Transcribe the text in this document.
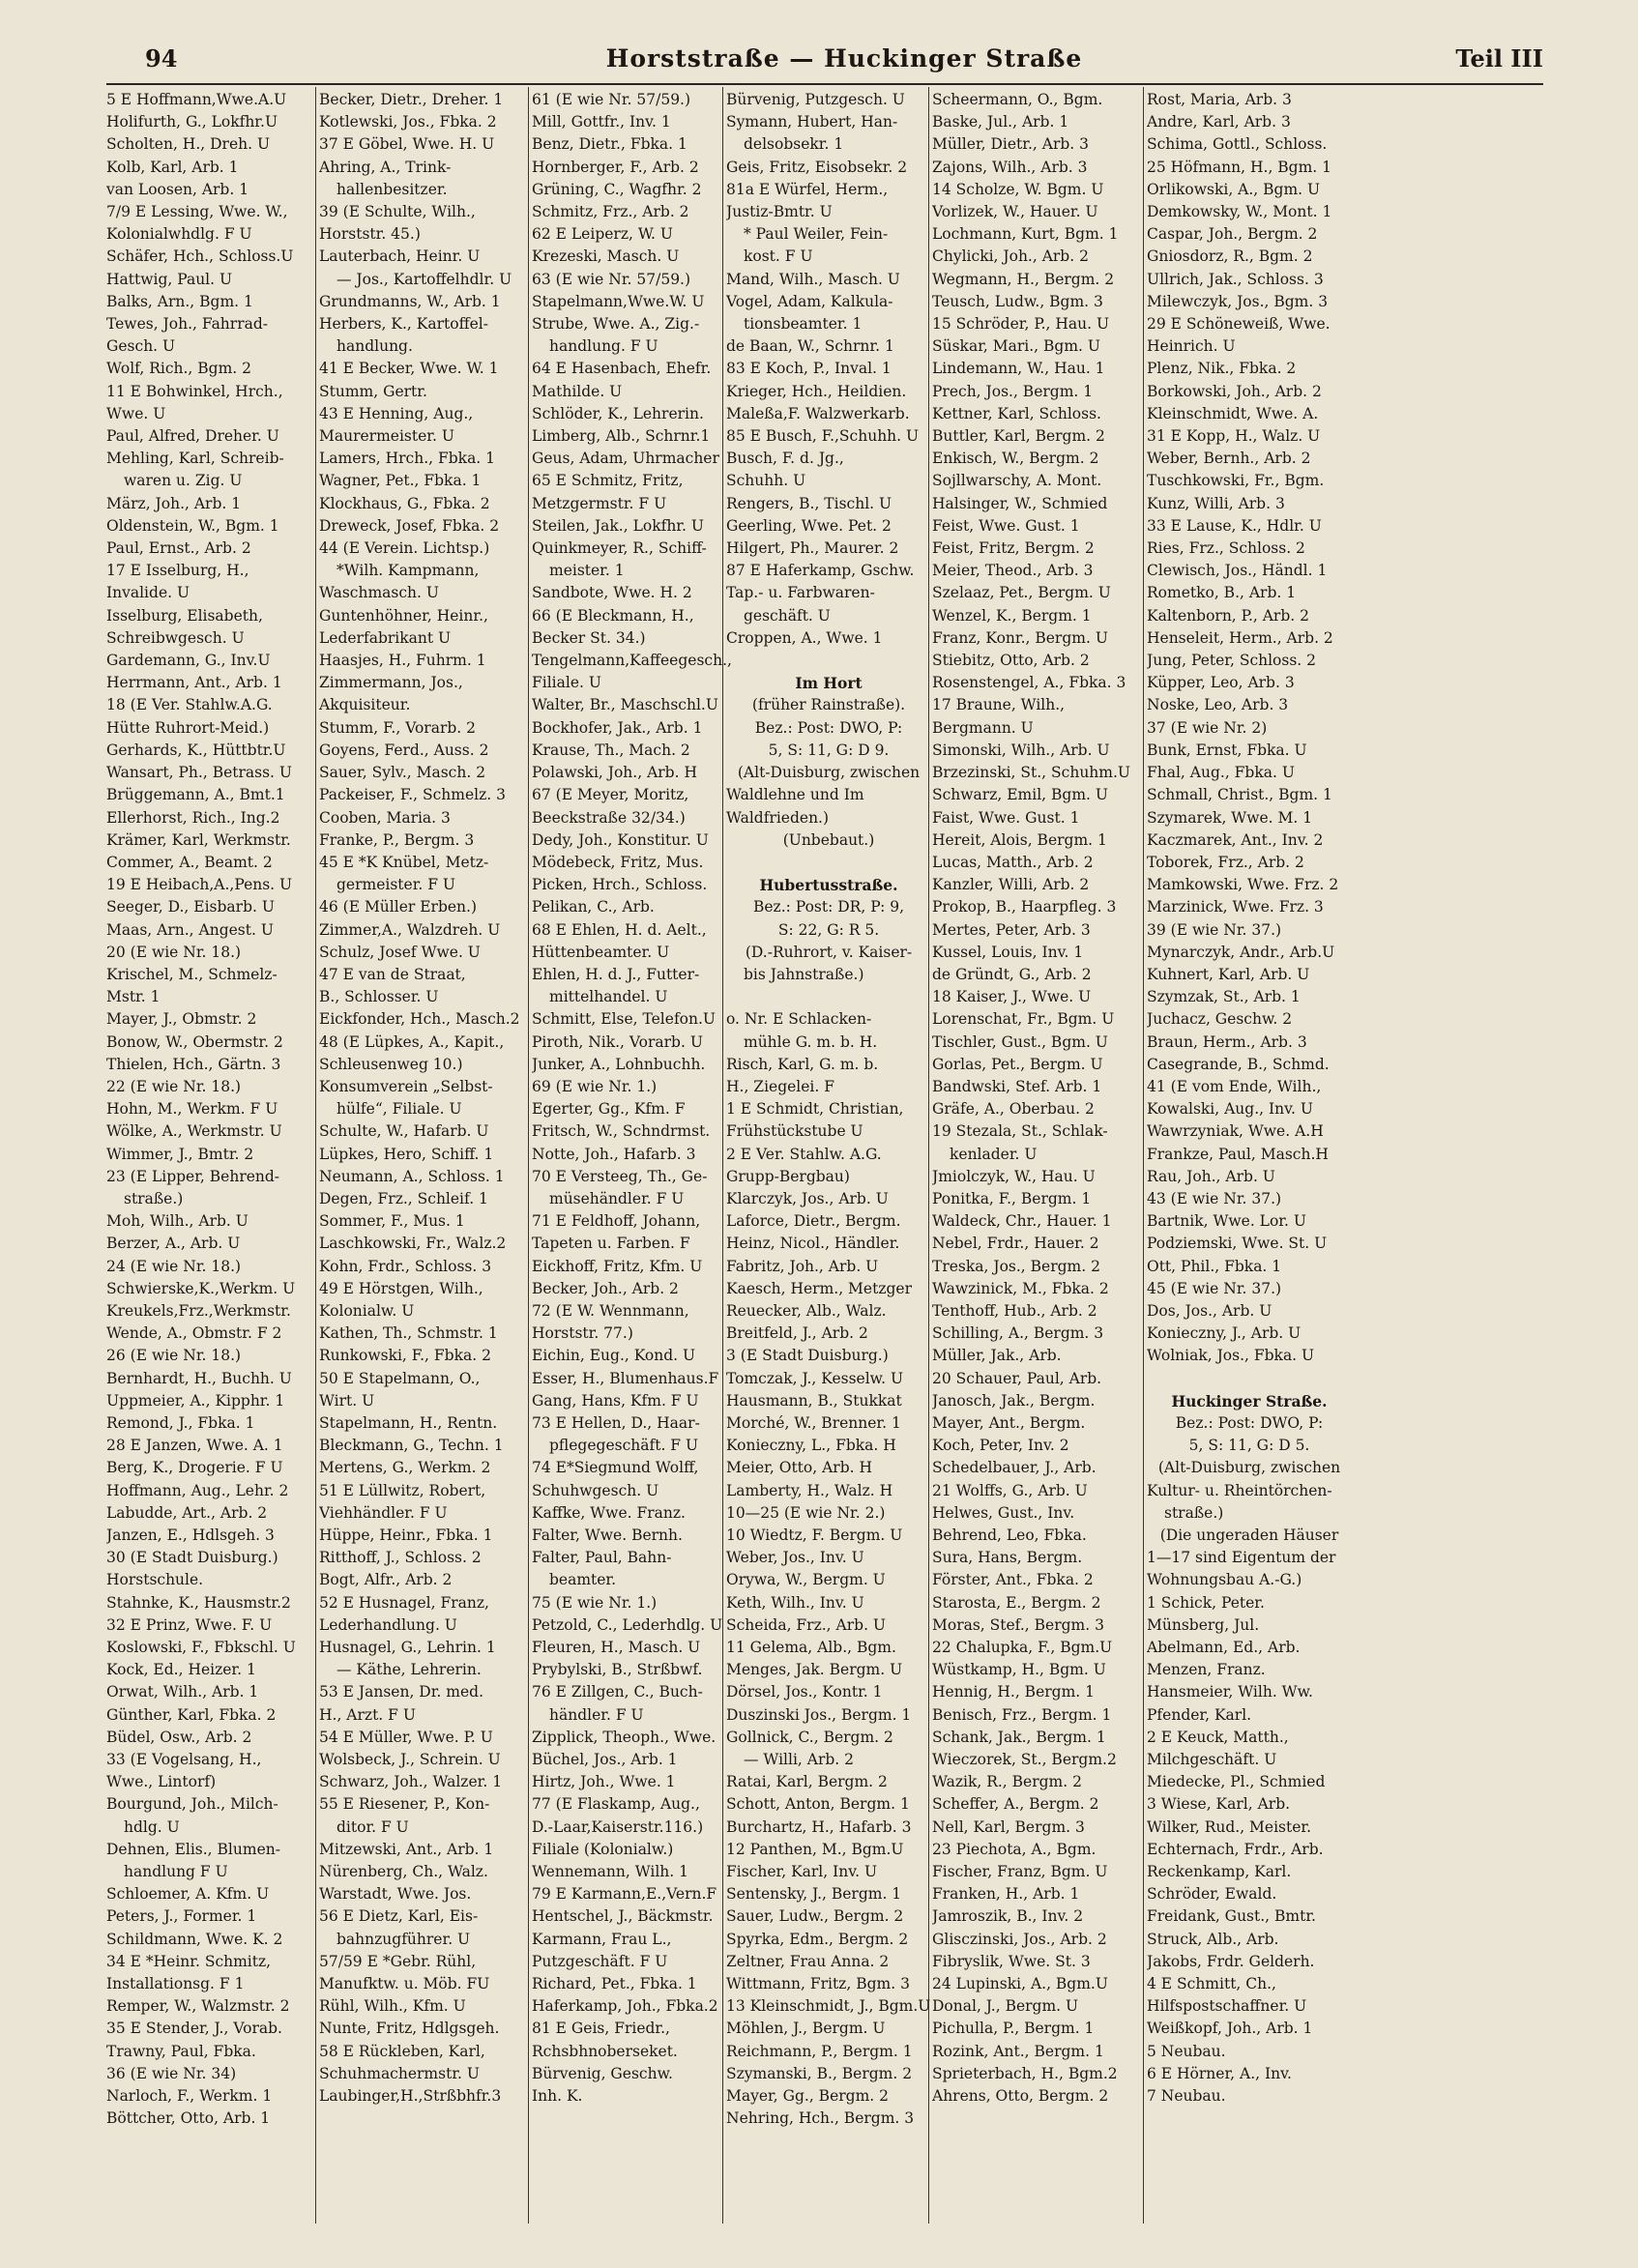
94	Horststraße — Huckinger Straße	Teil III
5 E Hoffmann,Wwe.A.U
Holifurth, G., Lokfhr.U
Scholten, H., Dreh. U
Kolb, Karl, Arb. 1
van Loosen, Arb. 1
7/9 E Lessing, Wwe. W.,
Kolonialwhdlg. F U
Schäfer, Hch., Schloss.U
Hattwig, Paul. U
Balks, Arn., Bgm. 1
Tewes, Joh., Fahrrad-
Gesch. U
Wolf, Rich., Bgm. 2
11 E Bohwinkel, Hrch.,
Wwe. U
Paul, Alfred, Dreher. U
Mehling, Karl, Schreib-
waren u. Zig. U
März, Joh., Arb. 1
Oldenstein, W., Bgm. 1
Paul, Ernst., Arb. 2
17 E Isselburg, H.,
Invalide. U
Isselburg, Elisabeth,
Schreibwgesch. U
Gardemann, G., Inv.U
Herrmann, Ant., Arb. 1
18 (E Ver. Stahlw.A.G.
Hütte Ruhrort-Meid.)
Gerhards, K., Hüttbtr.U
Wansart, Ph., Betrass. U
Brüggemann, A., Bmt.1
Ellerhorst, Rich., Ing.2
Krämer, Karl, Werkmstr.
Commer, A., Beamt. 2
19 E Heibach,A.,Pens. U
Seeger, D., Eisbarb. U
Maas, Arn., Angest. U
20 (E wie Nr. 18.)
Krischel, M., Schmelz-
Mstr. 1
Mayer, J., Obmstr. 2
Bonow, W., Obermstr. 2
Thielen, Hch., Gärtn. 3
22 (E wie Nr. 18.)
Hohn, M., Werkm. F U
Wölke, A., Werkmstr. U
Wimmer, J., Bmtr. 2
23 (E Lipper, Behrend-
straße.)
Moh, Wilh., Arb. U
Berzer, A., Arb. U
24 (E wie Nr. 18.)
Schwierske,K.,Werkm. U
Kreukels,Frz.,Werkmstr.
Wende, A., Obmstr. F 2
26 (E wie Nr. 18.)
Bernhardt, H., Buchh. U
Uppmeier, A., Kipphr. 1
Remond, J., Fbka. 1
28 E Janzen, Wwe. A. 1
Berg, K., Drogerie. F U
Hoffmann, Aug., Lehr. 2
Labudde, Art., Arb. 2
Janzen, E., Hdlsgeh. 3
30 (E Stadt Duisburg.)
Horstschule.
Stahnke, K., Hausmstr.2
32 E Prinz, Wwe. F. U
Koslowski, F., Fbkschl. U
Kock, Ed., Heizer. 1
Orwat, Wilh., Arb. 1
Günther, Karl, Fbka. 2
Büdel, Osw., Arb. 2
33 (E Vogelsang, H.,
Wwe., Lintorf)
Bourgund, Joh., Milch-
hdlg. U
Dehnen, Elis., Blumen-
handlung F U
Schloemer, A. Kfm. U
Peters, J., Former. 1
Schildmann, Wwe. K. 2
34 E *Heinr. Schmitz,
Installationsg. F 1
Remper, W., Walzmstr. 2
35 E Stender, J., Vorab.
Trawny, Paul, Fbka.
36 (E wie Nr. 34)
Narloch, F., Werkm. 1
Böttcher, Otto, Arb. 1
Becker, Dietr., Dreher. 1
Kotlewski, Jos., Fbka. 2
37 E Göbel, Wwe. H. U
Ahring, A., Trink-
hallenbesitzer.
39 (E Schulte, Wilh.,
Horststr. 45.)
Lauterbach, Heinr. U
— Jos., Kartoffelhdlr. U
Grundmanns, W., Arb. 1
Herbers, K., Kartoffel-
handlung.
41 E Becker, Wwe. W. 1
Stumm, Gertr.
43 E Henning, Aug.,
Maurermeister. U
Lamers, Hrch., Fbka. 1
Wagner, Pet., Fbka. 1
Klockhaus, G., Fbka. 2
Dreweck, Josef, Fbka. 2
44 (E Verein. Lichtsp.)
*Wilh. Kampmann,
Waschmasch. U
Guntenhöhner, Heinr.,
Lederfabrikant U
Haasjes, H., Fuhrm. 1
Zimmermann, Jos.,
Akquisiteur.
Stumm, F., Vorarb. 2
Goyens, Ferd., Auss. 2
Sauer, Sylv., Masch. 2
Packeiser, F., Schmelz. 3
Cooben, Maria. 3
Franke, P., Bergm. 3
45 E *K Knübel, Metz-
germeister. F U
46 (E Müller Erben.)
Zimmer,A., Walzdreh. U
Schulz, Josef Wwe. U
47 E van de Straat,
B., Schlosser. U
Eickfonder, Hch., Masch.2
48 (E Lüpkes, A., Kapit.,
Schleusenweg 10.)
Konsumverein „Selbst-
hülfe“, Filiale. U
Schulte, W., Hafarb. U
Lüpkes, Hero, Schiff. 1
Neumann, A., Schloss. 1
Degen, Frz., Schleif. 1
Sommer, F., Mus. 1
Laschkowski, Fr., Walz.2
Kohn, Frdr., Schloss. 3
49 E Hörstgen, Wilh.,
Kolonialw. U
Kathen, Th., Schmstr. 1
Runkowski, F., Fbka. 2
50 E Stapelmann, O.,
Wirt. U
Stapelmann, H., Rentn.
Bleckmann, G., Techn. 1
Mertens, G., Werkm. 2
51 E Lüllwitz, Robert,
Viehhändler. F U
Hüppe, Heinr., Fbka. 1
Ritthoff, J., Schloss. 2
Bogt, Alfr., Arb. 2
52 E Husnagel, Franz,
Lederhandlung. U
Husnagel, G., Lehrin. 1
— Käthe, Lehrerin.
53 E Jansen, Dr. med.
H., Arzt. F U
54 E Müller, Wwe. P. U
Wolsbeck, J., Schrein. U
Schwarz, Joh., Walzer. 1
55 E Riesener, P., Kon-
ditor. F U
Mitzewski, Ant., Arb. 1
Nürenberg, Ch., Walz.
Warstadt, Wwe. Jos.
56 E Dietz, Karl, Eis-
bahnzugführer. U
57/59 E *Gebr. Rühl,
Manufktw. u. Möb. FU
Rühl, Wilh., Kfm. U
Nunte, Fritz, Hdlgsgeh.
58 E Rückleben, Karl,
Schuhmachermstr. U
Laubinger,H.,Strßbhfr.3
61 (E wie Nr. 57/59.)
Mill, Gottfr., Inv. 1
Benz, Dietr., Fbka. 1
Hornberger, F., Arb. 2
Grüning, C., Wagfhr. 2
Schmitz, Frz., Arb. 2
62 E Leiperz, W. U
Krezeski, Masch. U
63 (E wie Nr. 57/59.)
Stapelmann,Wwe.W. U
Strube, Wwe. A., Zig.-
handlung. F U
64 E Hasenbach, Ehefr.
Mathilde. U
Schlöder, K., Lehrerin.
Limberg, Alb., Schrnr.1
Geus, Adam, Uhrmacher
65 E Schmitz, Fritz,
Metzgermstr. F U
Steilen, Jak., Lokfhr. U
Quinkmeyer, R., Schiff-
meister. 1
Sandbote, Wwe. H. 2
66 (E Bleckmann, H.,
Becker St. 34.)
Tengelmann,Kaffeegesch.,
Filiale. U
Walter, Br., Maschschl.U
Bockhofer, Jak., Arb. 1
Krause, Th., Mach. 2
Polawski, Joh., Arb. H
67 (E Meyer, Moritz,
Beeckstraße 32/34.)
Dedy, Joh., Konstitur. U
Mödebeck, Fritz, Mus.
Picken, Hrch., Schloss.
Pelikan, C., Arb.
68 E Ehlen, H. d. Aelt.,
Hüttenbeamter. U
Ehlen, H. d. J., Futter-
mittelhandel. U
Schmitt, Else, Telefon.U
Piroth, Nik., Vorarb. U
Junker, A., Lohnbuchh.
69 (E wie Nr. 1.)
Egerter, Gg., Kfm. F
Fritsch, W., Schndrmst.
Notte, Joh., Hafarb. 3
70 E Versteeg, Th., Ge-
müsehändler. F U
71 E Feldhoff, Johann,
Tapeten u. Farben. F
Eickhoff, Fritz, Kfm. U
Becker, Joh., Arb. 2
72 (E W. Wennmann,
Horststr. 77.)
Eichin, Eug., Kond. U
Esser, H., Blumenhaus.F
Gang, Hans, Kfm. F U
73 E Hellen, D., Haar-
pflegegeschäft. F U
74 E*Siegmund Wolff,
Schuhwgesch. U
Kaffke, Wwe. Franz.
Falter, Wwe. Bernh.
Falter, Paul, Bahn-
beamter.
75 (E wie Nr. 1.)
Petzold, C., Lederhdlg. U
Fleuren, H., Masch. U
Prybylski, B., Strßbwf.
76 E Zillgen, C., Buch-
händler. F U
Zipplick, Theoph., Wwe.
Büchel, Jos., Arb. 1
Hirtz, Joh., Wwe. 1
77 (E Flaskamp, Aug.,
D.-Laar,Kaiserstr.116.)
Filiale (Kolonialw.)
Wennemann, Wilh. 1
79 E Karmann,E.,Vern.F
Hentschel, J., Bäckmstr.
Karmann, Frau L.,
Putzgeschäft. F U
Richard, Pet., Fbka. 1
Haferkamp, Joh., Fbka.2
81 E Geis, Friedr.,
Rchsbhnoberseket.
Bürvenig, Geschw.
Inh. K.
Bürvenig, Putzgesch. U
Symann, Hubert, Han-
delsobsekr. 1
Geis, Fritz, Eisobsekr. 2
81a E Würfel, Herm.,
Justiz-Bmtr. U
* Paul Weiler, Fein-
kost. F U
Mand, Wilh., Masch. U
Vogel, Adam, Kalkula-
tionsbeamter. 1
de Baan, W., Schrnr. 1
83 E Koch, P., Inval. 1
Krieger, Hch., Heildien.
Maleßa,F. Walzwerkarb.
85 E Busch, F.,Schuhh. U
Busch, F. d. Jg.,
Schuhh. U
Rengers, B., Tischl. U
Geerling, Wwe. Pet. 2
Hilgert, Ph., Maurer. 2
87 E Haferkamp, Gschw.
Tap.- u. Farbwaren-
geschäft. U
Croppen, A., Wwe. 1

Im Hort
(früher Rainstraße).
Bez.: Post: DWO, P:
5, S: 11, G: D 9.
(Alt-Duisburg, zwischen
Waldlehne und Im
Waldfrieden.)
(Unbebaut.)

Hubertusstraße.
Bez.: Post: DR, P: 9,
S: 22, G: R 5.
(D.-Ruhrort, v. Kaiser-
bis Jahnstraße.)

o. Nr. E Schlacken-
mühle G. m. b. H.
Risch, Karl, G. m. b.
H., Ziegelei. F
1 E Schmidt, Christian,
Frühstückstube U
2 E Ver. Stahlw. A.G.
Grupp-Bergbau)
Klarczyk, Jos., Arb. U
Laforce, Dietr., Bergm.
Heinz, Nicol., Händler.
Fabritz, Joh., Arb. U
Kaesch, Herm., Metzger
Reuecker, Alb., Walz.
Breitfeld, J., Arb. 2
3 (E Stadt Duisburg.)
Tomczak, J., Kesselw. U
Hausmann, B., Stukkat
Morché, W., Brenner. 1
Konieczny, L., Fbka. H
Meier, Otto, Arb. H
Lamberty, H., Walz. H
10—25 (E wie Nr. 2.)
10 Wiedtz, F. Bergm. U
Weber, Jos., Inv. U
Orywa, W., Bergm. U
Keth, Wilh., Inv. U
Scheida, Frz., Arb. U
11 Gelema, Alb., Bgm.
Menges, Jak. Bergm. U
Dörsel, Jos., Kontr. 1
Duszinski Jos., Bergm. 1
Gollnick, C., Bergm. 2
— Willi, Arb. 2
Ratai, Karl, Bergm. 2
Schott, Anton, Bergm. 1
Burchartz, H., Hafarb. 3
12 Panthen, M., Bgm.U
Fischer, Karl, Inv. U
Sentensky, J., Bergm. 1
Sauer, Ludw., Bergm. 2
Spyrka, Edm., Bergm. 2
Zeltner, Frau Anna. 2
Wittmann, Fritz, Bgm. 3
13 Kleinschmidt, J., Bgm.U
Möhlen, J., Bergm. U
Reichmann, P., Bergm. 1
Szymanski, B., Bergm. 2
Mayer, Gg., Bergm. 2
Nehring, Hch., Bergm. 3
Scheermann, O., Bgm.
Baske, Jul., Arb. 1
Müller, Dietr., Arb. 3
Zajons, Wilh., Arb. 3
14 Scholze, W. Bgm. U
Vorlizek, W., Hauer. U
Lochmann, Kurt, Bgm. 1
Chylicki, Joh., Arb. 2
Wegmann, H., Bergm. 2
Teusch, Ludw., Bgm. 3
15 Schröder, P., Hau. U
Süskar, Mari., Bgm. U
Lindemann, W., Hau. 1
Prech, Jos., Bergm. 1
Kettner, Karl, Schloss.
Buttler, Karl, Bergm. 2
Enkisch, W., Bergm. 2
Sojllwarschy, A. Mont.
Halsinger, W., Schmied
Feist, Wwe. Gust. 1
Feist, Fritz, Bergm. 2
Meier, Theod., Arb. 3
Szelaaz, Pet., Bergm. U
Wenzel, K., Bergm. 1
Franz, Konr., Bergm. U
Stiebitz, Otto, Arb. 2
Rosenstengel, A., Fbka. 3
17 Braune, Wilh.,
Bergmann. U
Simonski, Wilh., Arb. U
Brzezinski, St., Schuhm.U
Schwarz, Emil, Bgm. U
Faist, Wwe. Gust. 1
Hereit, Alois, Bergm. 1
Lucas, Matth., Arb. 2
Kanzler, Willi, Arb. 2
Prokop, B., Haarpfleg. 3
Mertes, Peter, Arb. 3
Kussel, Louis, Inv. 1
de Gründt, G., Arb. 2
18 Kaiser, J., Wwe. U
Lorenschat, Fr., Bgm. U
Tischler, Gust., Bgm. U
Gorlas, Pet., Bergm. U
Bandwski, Stef. Arb. 1
Gräfe, A., Oberbau. 2
19 Stezala, St., Schlak-
kenlader. U
Jmiolczyk, W., Hau. U
Ponitka, F., Bergm. 1
Waldeck, Chr., Hauer. 1
Nebel, Frdr., Hauer. 2
Treska, Jos., Bergm. 2
Wawzinick, M., Fbka. 2
Tenthoff, Hub., Arb. 2
Schilling, A., Bergm. 3
Müller, Jak., Arb.
20 Schauer, Paul, Arb.
Janosch, Jak., Bergm.
Mayer, Ant., Bergm.
Koch, Peter, Inv. 2
Schedelbauer, J., Arb.
21 Wolffs, G., Arb. U
Helwes, Gust., Inv.
Behrend, Leo, Fbka.
Sura, Hans, Bergm.
Förster, Ant., Fbka. 2
Starosta, E., Bergm. 2
Moras, Stef., Bergm. 3
22 Chalupka, F., Bgm.U
Wüstkamp, H., Bgm. U
Hennig, H., Bergm. 1
Benisch, Frz., Bergm. 1
Schank, Jak., Bergm. 1
Wieczorek, St., Bergm.2
Wazik, R., Bergm. 2
Scheffer, A., Bergm. 2
Nell, Karl, Bergm. 3
23 Piechota, A., Bgm.
Fischer, Franz, Bgm. U
Franken, H., Arb. 1
Jamroszik, B., Inv. 2
Glisczinski, Jos., Arb. 2
Fibryslik, Wwe. St. 3
24 Lupinski, A., Bgm.U
Donal, J., Bergm. U
Pichulla, P., Bergm. 1
Rozink, Ant., Bergm. 1
Sprieterbach, H., Bgm.2
Ahrens, Otto, Bergm. 2
Rost, Maria, Arb. 3
Andre, Karl, Arb. 3
Schima, Gottl., Schloss.
25 Höfmann, H., Bgm. 1
Orlikowski, A., Bgm. U
Demkowsky, W., Mont. 1
Caspar, Joh., Bergm. 2
Gniosdorz, R., Bgm. 2
Ullrich, Jak., Schloss. 3
Milewczyk, Jos., Bgm. 3
29 E Schöneweiß, Wwe.
Heinrich. U
Plenz, Nik., Fbka. 2
Borkowski, Joh., Arb. 2
Kleinschmidt, Wwe. A.
31 E Kopp, H., Walz. U
Weber, Bernh., Arb. 2
Tuschkowski, Fr., Bgm.
Kunz, Willi, Arb. 3
33 E Lause, K., Hdlr. U
Ries, Frz., Schloss. 2
Clewisch, Jos., Händl. 1
Rometko, B., Arb. 1
Kaltenborn, P., Arb. 2
Henseleit, Herm., Arb. 2
Jung, Peter, Schloss. 2
Küpper, Leo, Arb. 3
Noske, Leo, Arb. 3
37 (E wie Nr. 2)
Bunk, Ernst, Fbka. U
Fhal, Aug., Fbka. U
Schmall, Christ., Bgm. 1
Szymarek, Wwe. M. 1
Kaczmarek, Ant., Inv. 2
Toborek, Frz., Arb. 2
Mamkowski, Wwe. Frz. 2
Marzinick, Wwe. Frz. 3
39 (E wie Nr. 37.)
Mynarczyk, Andr., Arb.U
Kuhnert, Karl, Arb. U
Szymzak, St., Arb. 1
Juchacz, Geschw. 2
Braun, Herm., Arb. 3
Casegrande, B., Schmd.
41 (E vom Ende, Wilh.,
Kowalski, Aug., Inv. U
Wawrzyniak, Wwe. A.H
Frankze, Paul, Masch.H
Rau, Joh., Arb. U
43 (E wie Nr. 37.)
Bartnik, Wwe. Lor. U
Podziemski, Wwe. St. U
Ott, Phil., Fbka. 1
45 (E wie Nr. 37.)
Dos, Jos., Arb. U
Konieczny, J., Arb. U
Wolniak, Jos., Fbka. U

Huckinger Straße.
Bez.: Post: DWO, P:
5, S: 11, G: D 5.
(Alt-Duisburg, zwischen
Kultur- u. Rheintörchen-
straße.)
(Die ungeraden Häuser
1—17 sind Eigentum der
Wohnungsbau A.-G.)
1 Schick, Peter.
Münsberg, Jul.
Abelmann, Ed., Arb.
Menzen, Franz.
Hansmeier, Wilh. Ww.
Pfender, Karl.
2 E Keuck, Matth.,
Milchgeschäft. U
Miedecke, Pl., Schmied
3 Wiese, Karl, Arb.
Wilker, Rud., Meister.
Echternach, Frdr., Arb.
Reckenkamp, Karl.
Schröder, Ewald.
Freidank, Gust., Bmtr.
Struck, Alb., Arb.
Jakobs, Frdr. Gelderh.
4 E Schmitt, Ch.,
Hilfspostschaffner. U
Weißkopf, Joh., Arb. 1
5 Neubau.
6 E Hörner, A., Inv.
7 Neubau.
